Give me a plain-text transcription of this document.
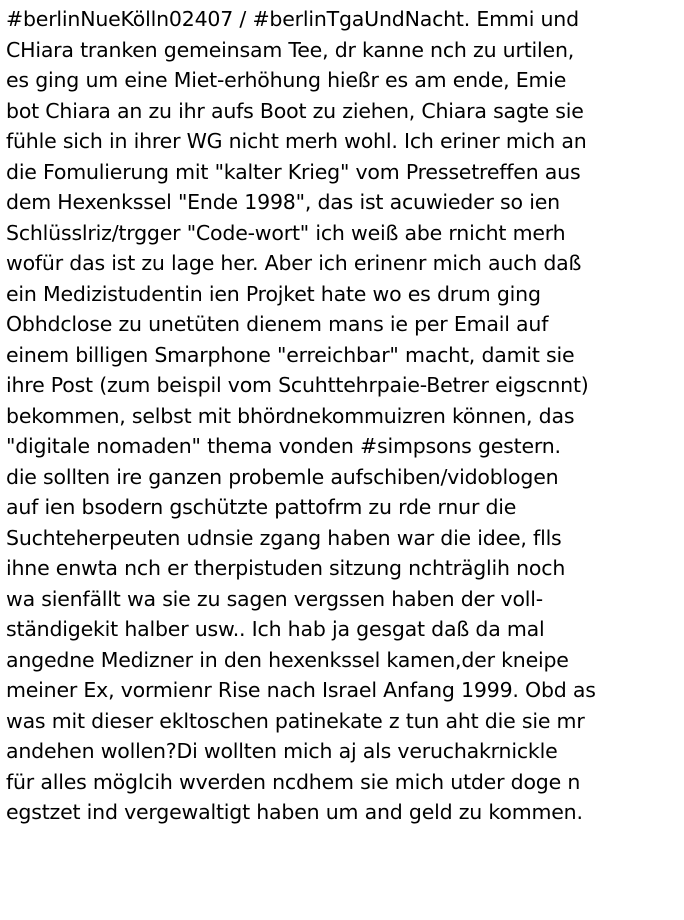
#berlinNueKölln02407 / #berlinTgaUndNacht. Emmi und
CHiara tranken gemeinsam Tee, dr kanne nch zu urtilen,
es ging um eine Miet-erhöhung hießr es am ende, Emie
bot Chiara an zu ihr aufs Boot zu ziehen, Chiara sagte sie
fühle sich in ihrer WG nicht merh wohl. Ich eriner mich an
die Fomulierung mit "kalter Krieg" vom Pressetreffen aus
dem Hexenkssel "Ende 1998", das ist acuwieder so ien
Schlüsslriz/trgger "Code-wort" ich weiß abe rnicht merh
wofür das ist zu lage her. Aber ich erinenr mich auch daß
ein Medizistudentin ien Projket hate wo es drum ging
Obhdclose zu unetüten dienem mans ie per Email auf
einem billigen Smarphone "erreichbar" macht, damit sie
ihre Post (zum beispil vom Scuhttehrpaie-Betrer eigscnnt)
bekommen, selbst mit bhördnekommuizren können, das
"digitale nomaden" thema vonden #simpsons gestern.
die sollten ire ganzen probemle aufschiben/vidoblogen
auf ien bsodern gschützte pattofrm zu rde rnur die
Suchteherpeuten udnsie zgang haben war die idee, flls
ihne enwta nch er therpistuden sitzung nchträglih noch
wa sienfällt wa sie zu sagen vergssen haben der voll-
ständigekit halber usw.. Ich hab ja gesgat daß da mal
angedne Medizner in den hexenkssel kamen,der kneipe
meiner Ex, vormienr Rise nach Israel Anfang 1999. Obd as
was mit dieser ekltoschen patinekate z tun aht die sie mr
andehen wollen?Di wollten mich aj als veruchakrnickle
für alles möglcih wverden ncdhem sie mich utder doge n
egstzet ind vergewaltigt haben um and geld zu kommen.
